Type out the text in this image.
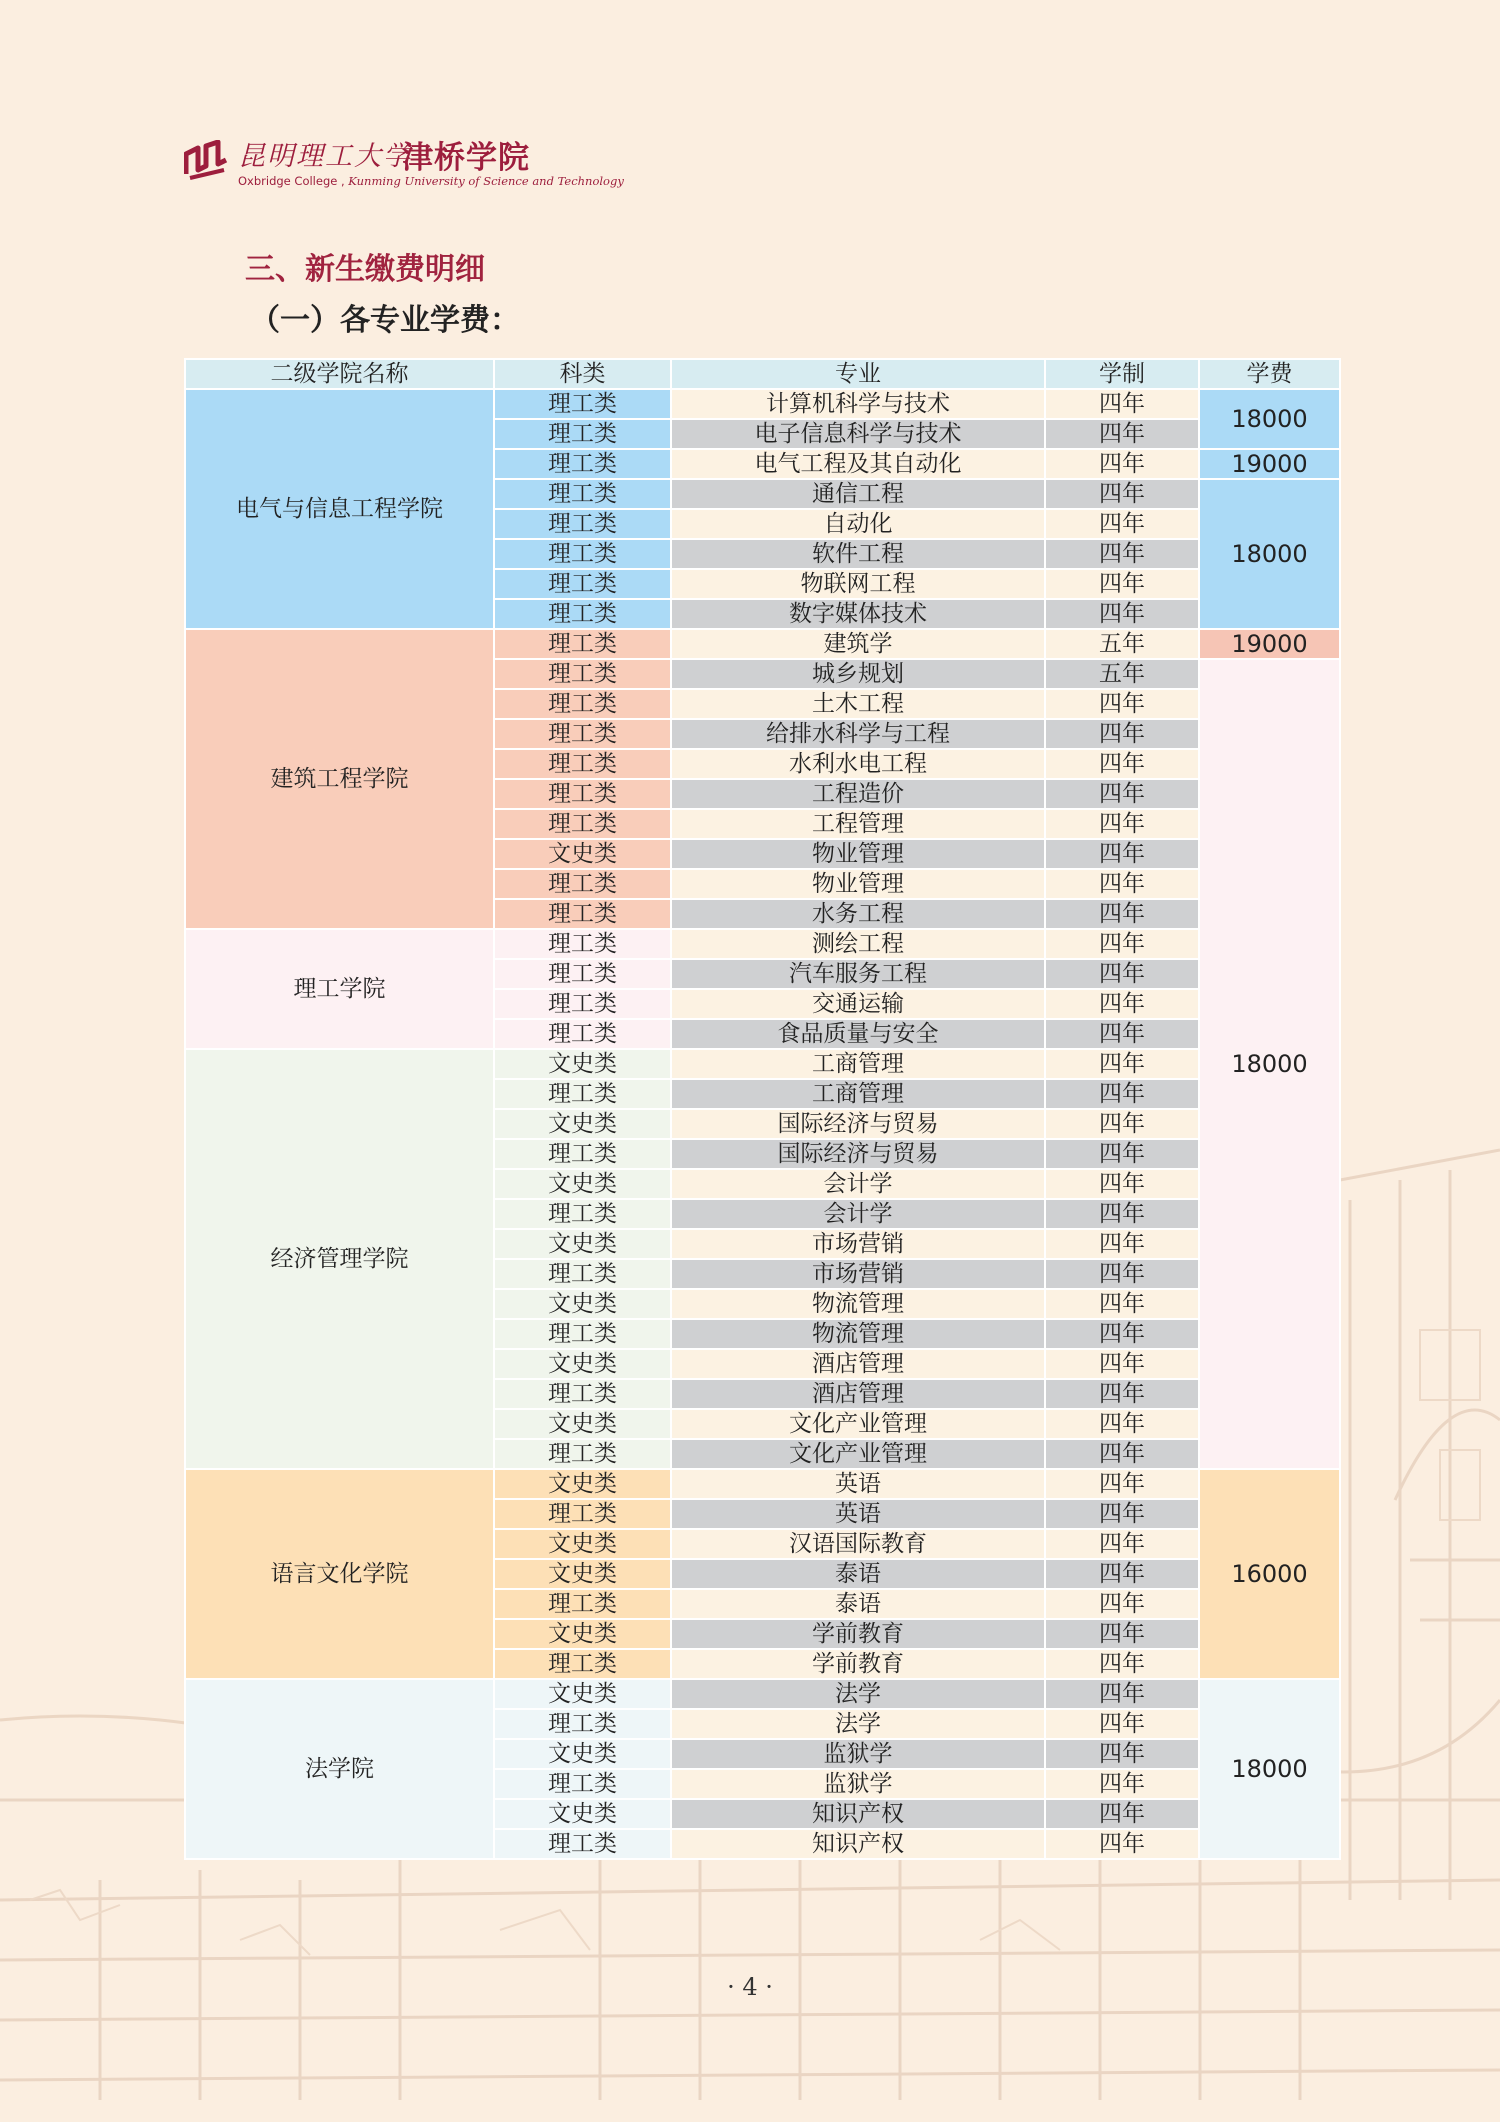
昆明理工大学
津桥学院
Oxbridge College , Kunming University of Science and Technology
三、新生缴费明细
（一）各专业学费：
二级学院名称	科类	专业	学制	学费
电气与信息工程学院	理工类	计算机科学与技术	四年	18000
	理工类	电子信息科学与技术	四年	
	理工类	电气工程及其自动化	四年	19000
	理工类	通信工程	四年	18000
	理工类	自动化	四年	
	理工类	软件工程	四年	
	理工类	物联网工程	四年	
	理工类	数字媒体技术	四年	
建筑工程学院	理工类	建筑学	五年	19000
	理工类	城乡规划	五年	18000
	理工类	土木工程	四年	
	理工类	给排水科学与工程	四年	
	理工类	水利水电工程	四年	
	理工类	工程造价	四年	
	理工类	工程管理	四年	
	文史类	物业管理	四年	
	理工类	物业管理	四年	
	理工类	水务工程	四年	
理工学院	理工类	测绘工程	四年	
	理工类	汽车服务工程	四年	
	理工类	交通运输	四年	
	理工类	食品质量与安全	四年	
经济管理学院	文史类	工商管理	四年	
	理工类	工商管理	四年	
	文史类	国际经济与贸易	四年	
	理工类	国际经济与贸易	四年	
	文史类	会计学	四年	
	理工类	会计学	四年	
	文史类	市场营销	四年	
	理工类	市场营销	四年	
	文史类	物流管理	四年	
	理工类	物流管理	四年	
	文史类	酒店管理	四年	
	理工类	酒店管理	四年	
	文史类	文化产业管理	四年	
	理工类	文化产业管理	四年	
语言文化学院	文史类	英语	四年	16000
	理工类	英语	四年	
	文史类	汉语国际教育	四年	
	文史类	泰语	四年	
	理工类	泰语	四年	
	文史类	学前教育	四年	
	理工类	学前教育	四年	
法学院	文史类	法学	四年	18000
	理工类	法学	四年	
	文史类	监狱学	四年	
	理工类	监狱学	四年	
	文史类	知识产权	四年	
	理工类	知识产权	四年	
· 4 ·
